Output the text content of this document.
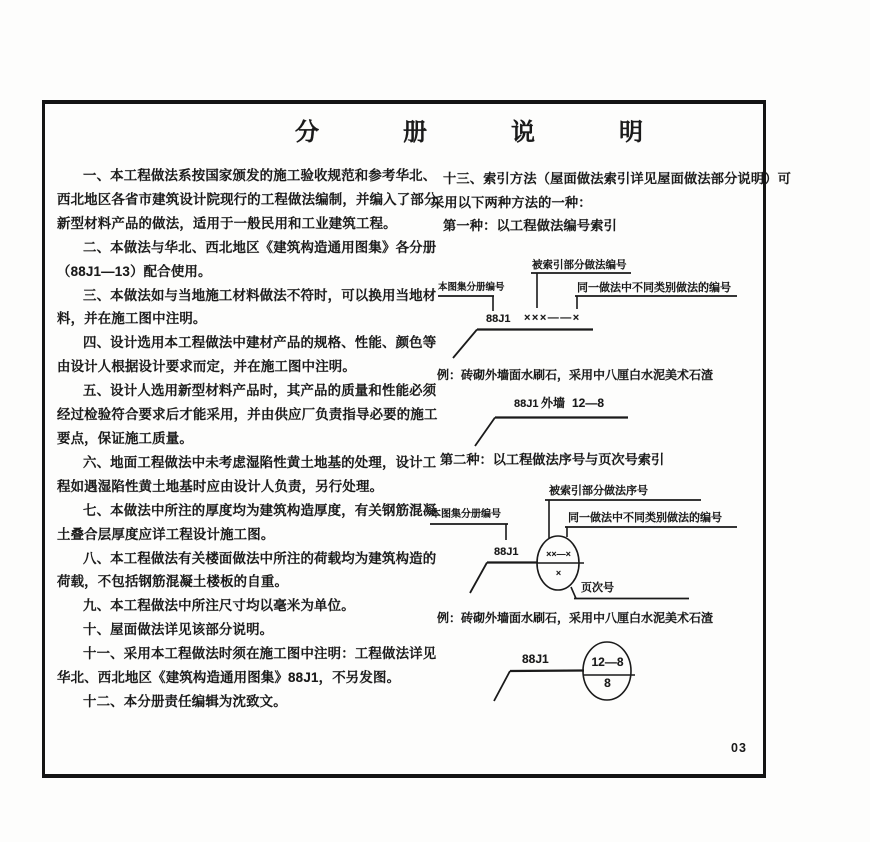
分　册　说　明
一、本工程做法系按国家颁发的施工验收规范和参考华北、
西北地区各省市建筑设计院现行的工程做法编制，并编入了部分
新型材料产品的做法，适用于一般民用和工业建筑工程。
二、本做法与华北、西北地区《建筑构造通用图集》各分册
（88J1—13）配合使用。
三、本做法如与当地施工材料做法不符时，可以换用当地材
料，并在施工图中注明。
四、设计选用本工程做法中建材产品的规格、性能、颜色等
由设计人根据设计要求而定，并在施工图中注明。
五、设计人选用新型材料产品时，其产品的质量和性能必须
经过检验符合要求后才能采用，并由供应厂负责指导必要的施工
要点，保证施工质量。
六、地面工程做法中未考虑湿陷性黄土地基的处理，设计工
程如遇湿陷性黄土地基时应由设计人负责，另行处理。
七、本做法中所注的厚度均为建筑构造厚度，有关钢筋混凝
土叠合层厚度应详工程设计施工图。
八、本工程做法有关楼面做法中所注的荷载均为建筑构造的
荷载，不包括钢筋混凝土楼板的自重。
九、本工程做法中所注尺寸均以毫米为单位。
十、屋面做法详见该部分说明。
十一、采用本工程做法时须在施工图中注明：工程做法详见
华北、西北地区《建筑构造通用图集》88J1，不另发图。
十二、本分册责任编辑为沈致文。
十三、索引方法（屋面做法索引详见屋面做法部分说明）可
采用以下两种方法的一种：
第一种：以工程做法编号索引
被索引部分做法编号
本图集分册编号	同一做法中不同类别做法的编号
88J1 ×××——×
例：砖砌外墙面水刷石，采用中八厘白水泥美术石渣
88J1 外墙 12—8
第二种：以工程做法序号与页次号索引
被索引部分做法序号
本图集分册编号	同一做法中不同类别做法的编号
88J1	××—×
×
页次号
例：砖砌外墙面水刷石，采用中八厘白水泥美术石渣
88J1	12—8
8
03
